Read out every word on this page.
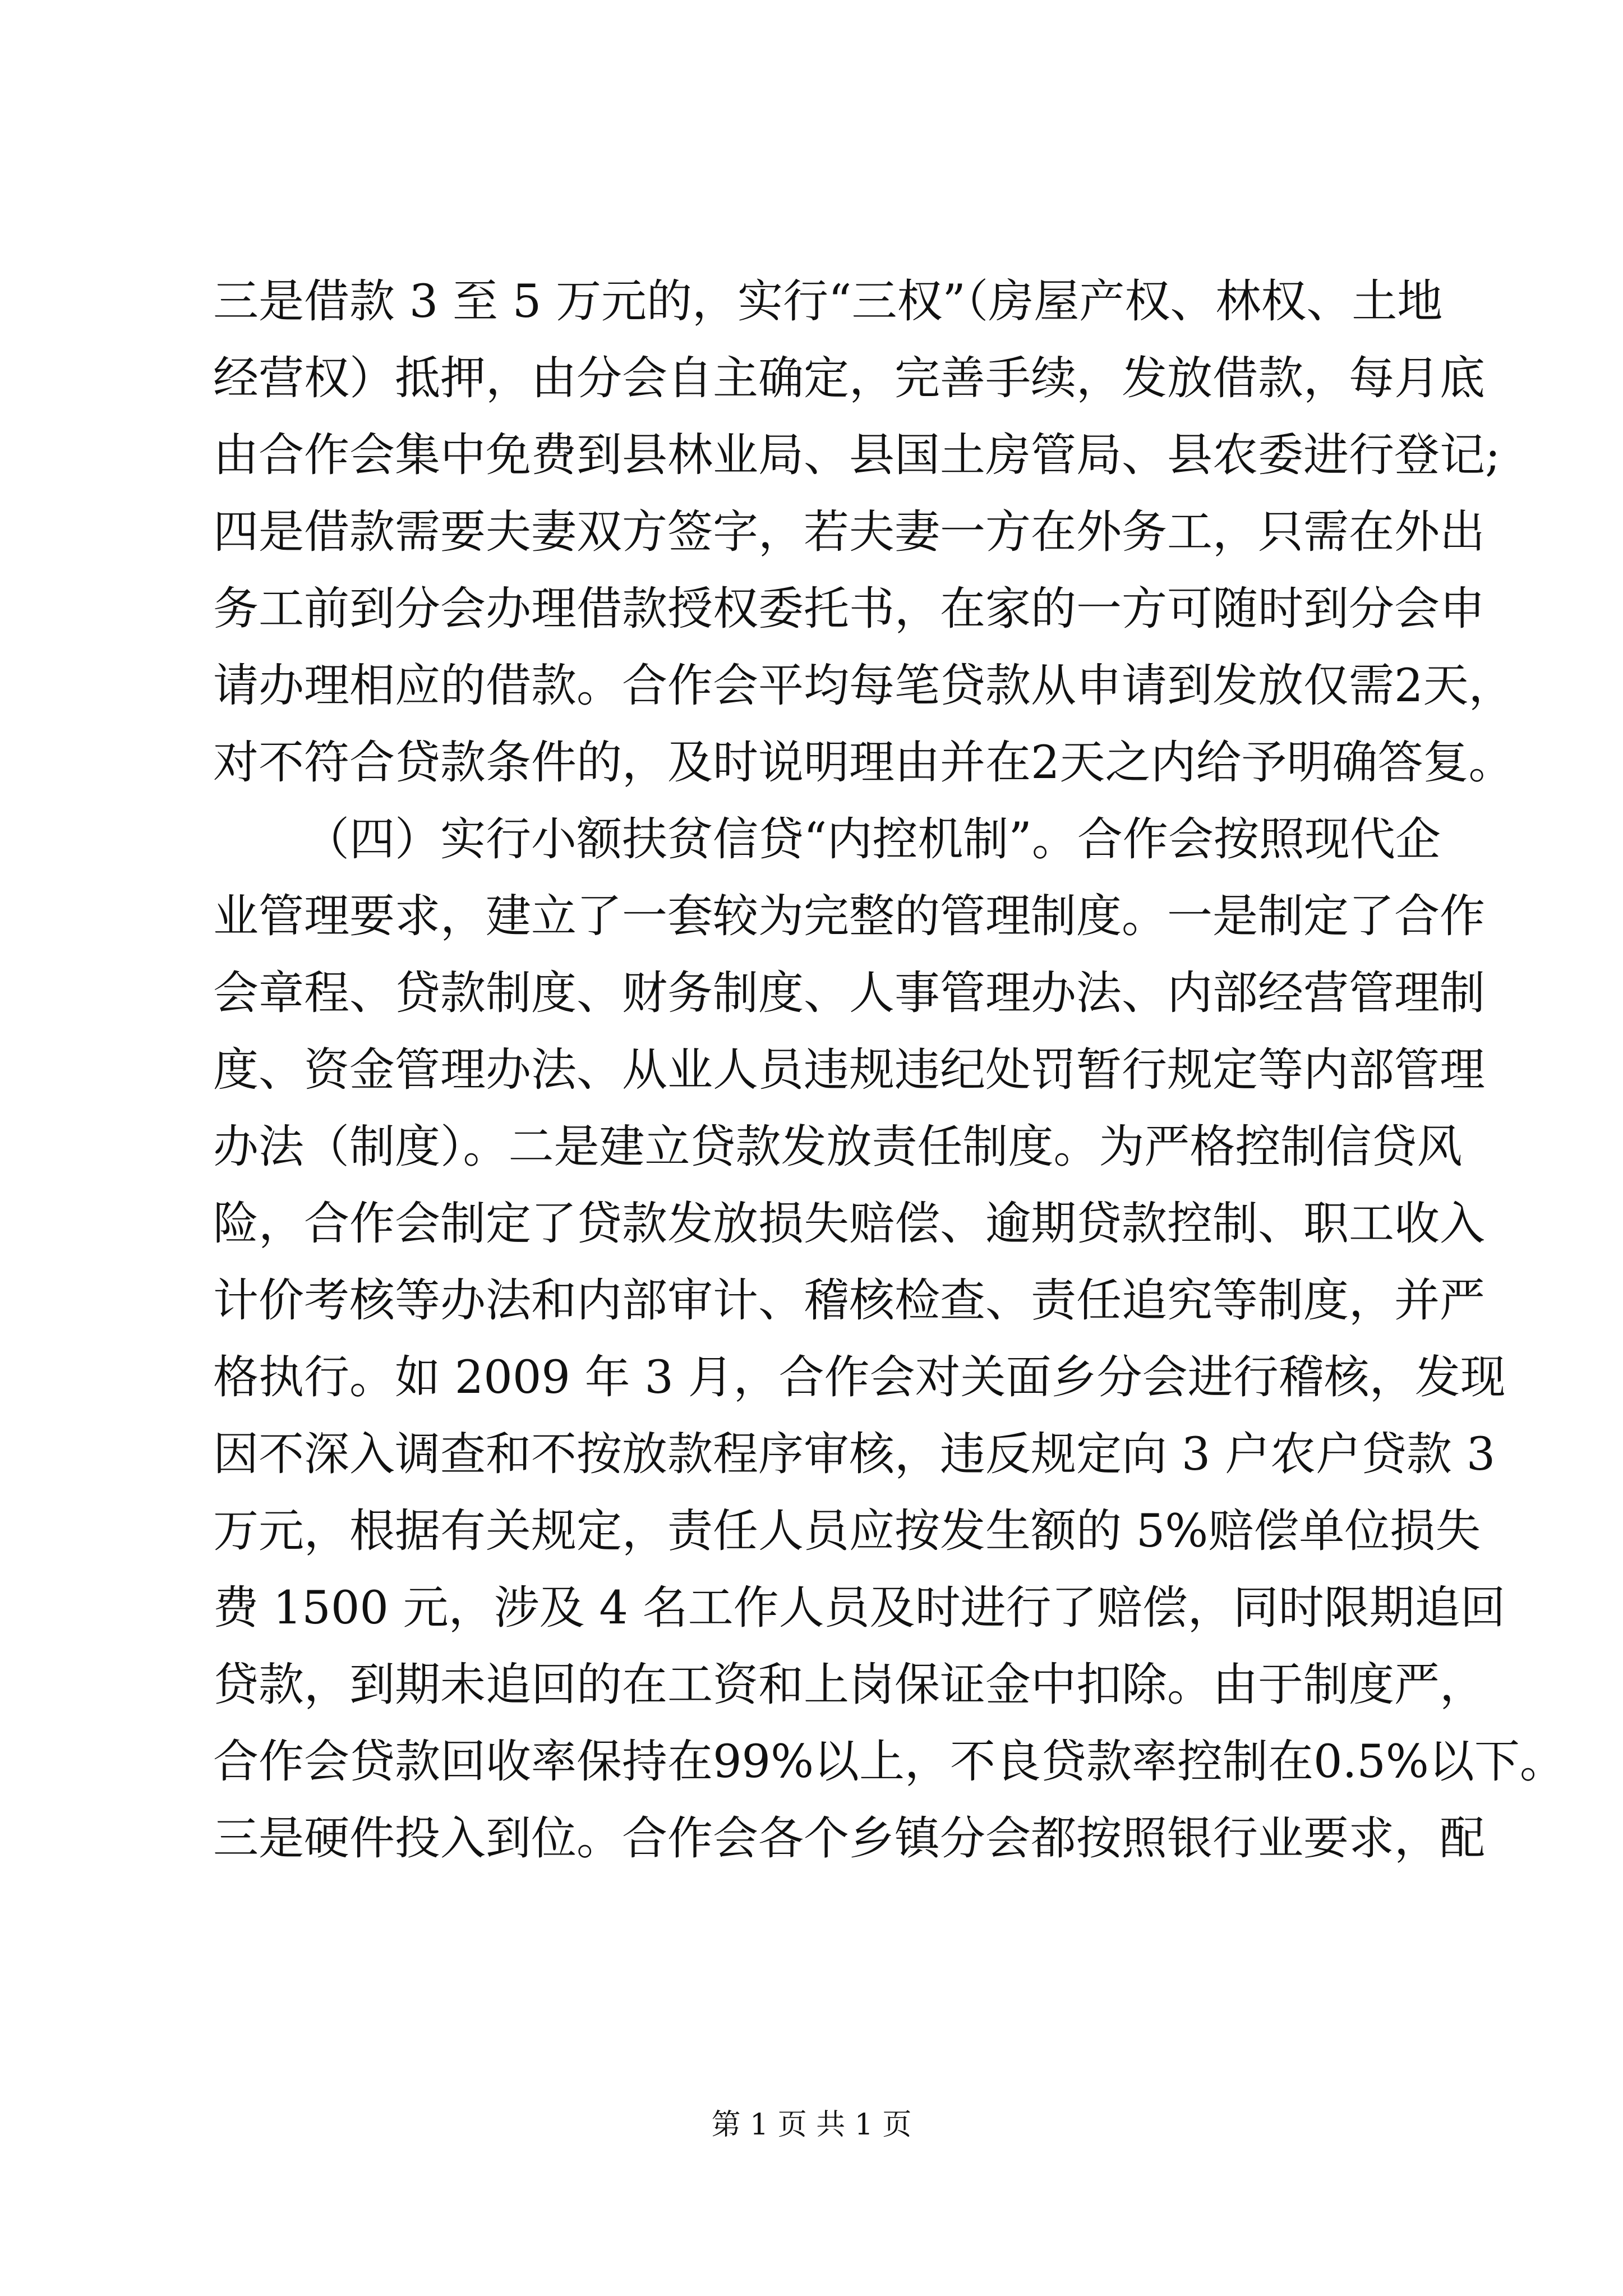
三是借款 3 至 5 万元的，实行“三权”（房屋产权、林权、土地
经营权）抵押，由分会自主确定，完善手续，发放借款，每月底
由合作会集中免费到县林业局、县国土房管局、县农委进行登记;
四是借款需要夫妻双方签字，若夫妻一方在外务工，只需在外出
务工前到分会办理借款授权委托书，在家的一方可随时到分会申
请办理相应的借款。合作会平均每笔贷款从申请到发放仅需2天，
对不符合贷款条件的，及时说明理由并在2天之内给予明确答复。
（四）实行小额扶贫信贷“内控机制”。合作会按照现代企
业管理要求，建立了一套较为完整的管理制度。一是制定了合作
会章程、贷款制度、财务制度、人事管理办法、内部经营管理制
度、资金管理办法、从业人员违规违纪处罚暂行规定等内部管理
办法（制度）。二是建立贷款发放责任制度。为严格控制信贷风
险，合作会制定了贷款发放损失赔偿、逾期贷款控制、职工收入
计价考核等办法和内部审计、稽核检查、责任追究等制度，并严
格执行。如 2009 年 3 月，合作会对关面乡分会进行稽核，发现
因不深入调查和不按放款程序审核，违反规定向 3 户农户贷款 3
万元，根据有关规定，责任人员应按发生额的 5%赔偿单位损失
费 1500 元，涉及 4 名工作人员及时进行了赔偿，同时限期追回
贷款，到期未追回的在工资和上岗保证金中扣除。由于制度严，
合作会贷款回收率保持在99%以上，不良贷款率控制在0.5%以下。
三是硬件投入到位。合作会各个乡镇分会都按照银行业要求，配
第 1 页 共 1 页
